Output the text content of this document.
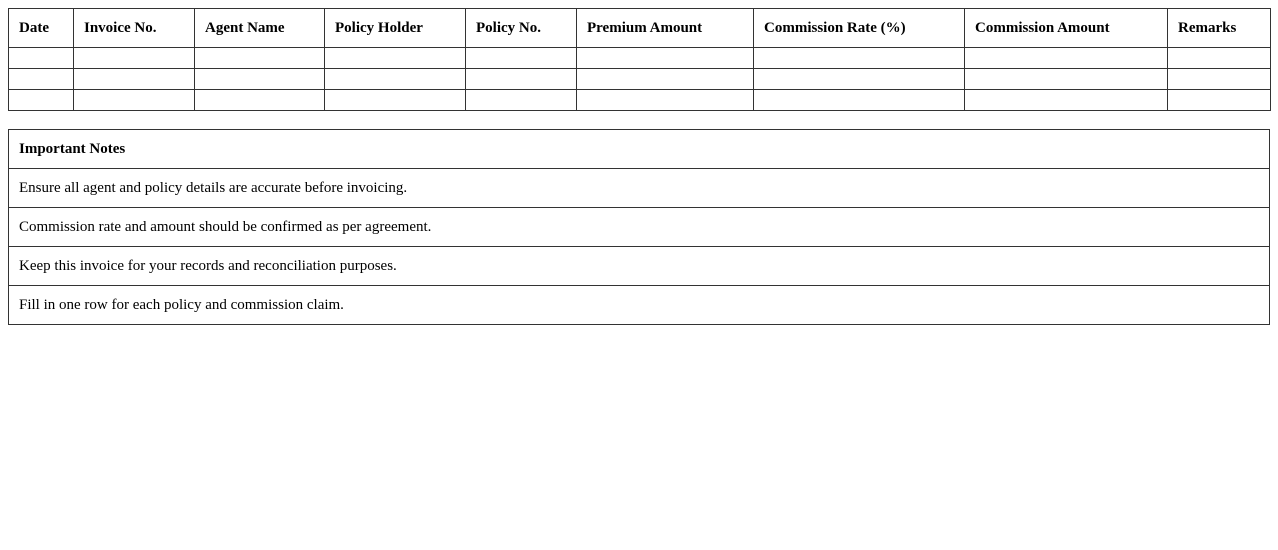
Date	Invoice No.	Agent Name	Policy Holder	Policy No.	Premium Amount	Commission Rate (%)	Commission Amount	Remarks

Important Notes
Ensure all agent and policy details are accurate before invoicing.
Commission rate and amount should be confirmed as per agreement.
Keep this invoice for your records and reconciliation purposes.
Fill in one row for each policy and commission claim.
